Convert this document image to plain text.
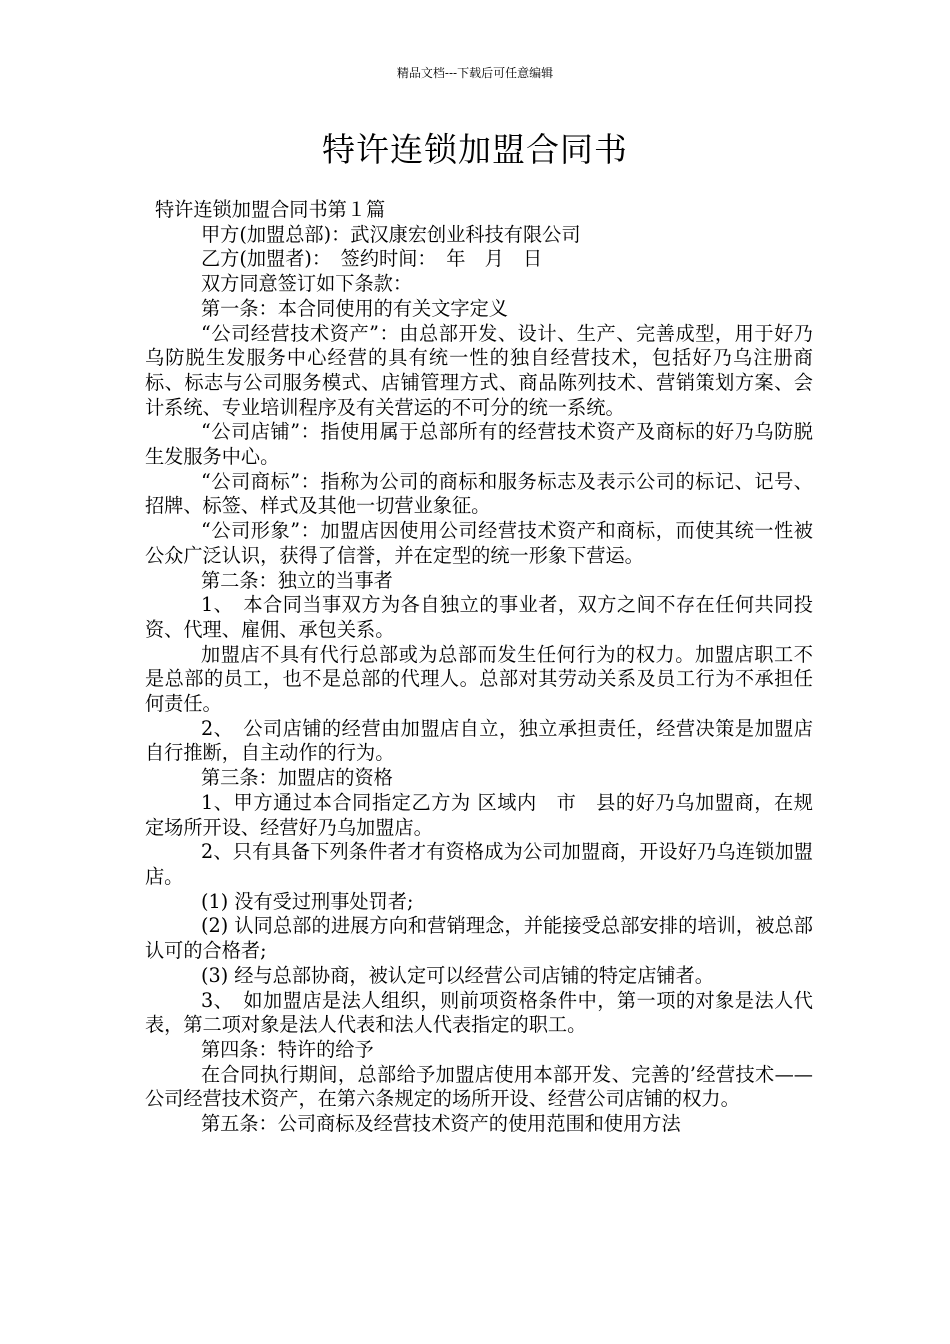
精品文档---下载后可任意编辑
特许连锁加盟合同书

特许连锁加盟合同书第１篇

甲方(加盟总部)：武汉康宏创业科技有限公司

乙方(加盟者)：　签约时间：　年　月　日

双方同意签订如下条款：

第一条：本合同使用的有关文字定义

“公司经营技术资产”：由总部开发、设计、生产、完善成型，用于好乃乌防脱生发服务中心经营的具有统一性的独自经营技术，包括好乃乌注册商标、标志与公司服务模式、店铺管理方式、商品陈列技术、营销策划方案、会计系统、专业培训程序及有关营运的不可分的统一系统。

“公司店铺”：指使用属于总部所有的经营技术资产及商标的好乃乌防脱生发服务中心。

“公司商标”：指称为公司的商标和服务标志及表示公司的标记、记号、招牌、标签、样式及其他一切营业象征。

“公司形象”：加盟店因使用公司经营技术资产和商标，而使其统一性被公众广泛认识，获得了信誉，并在定型的统一形象下营运。

第二条：独立的当事者

1、　本合同当事双方为各自独立的事业者，双方之间不存在任何共同投资、代理、雇佣、承包关系。

加盟店不具有代行总部或为总部而发生任何行为的权力。加盟店职工不是总部的员工，也不是总部的代理人。总部对其劳动关系及员工行为不承担任何责任。

2、　公司店铺的经营由加盟店自立，独立承担责任，经营决策是加盟店自行推断，自主动作的行为。

第三条：加盟店的资格

1、甲方通过本合同指定乙方为 区域内　市　县的好乃乌加盟商，在规定场所开设、经营好乃乌加盟店。

2、只有具备下列条件者才有资格成为公司加盟商，开设好乃乌连锁加盟店。

(1) 没有受过刑事处罚者;

(2) 认同总部的进展方向和营销理念，并能接受总部安排的培训，被总部认可的合格者;

(3) 经与总部协商，被认定可以经营公司店铺的特定店铺者。

3、　如加盟店是法人组织，则前项资格条件中，第一项的对象是法人代表，第二项对象是法人代表和法人代表指定的职工。

第四条：特许的给予

在合同执行期间，总部给予加盟店使用本部开发、完善的’经营技术——公司经营技术资产，在第六条规定的场所开设、经营公司店铺的权力。

第五条：公司商标及经营技术资产的使用范围和使用方法
